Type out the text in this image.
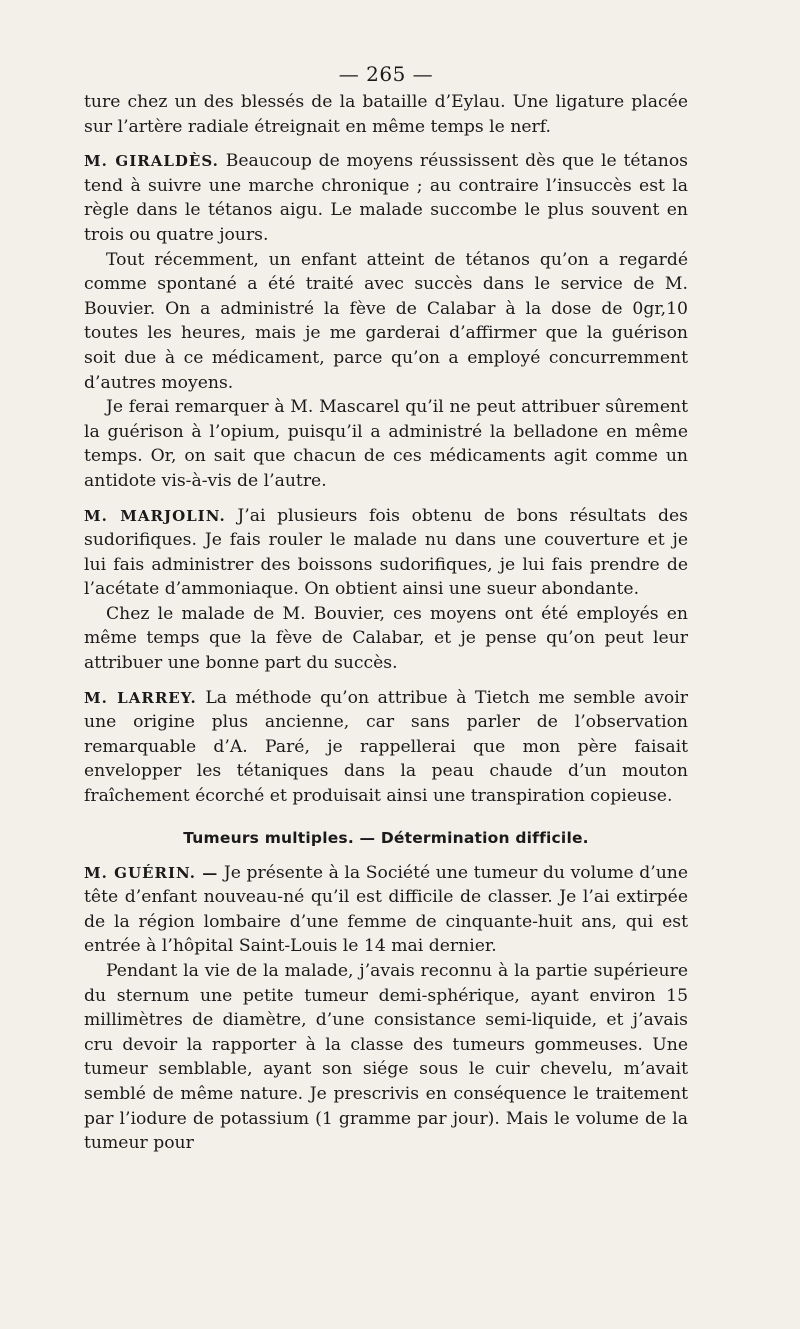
— 265 —

ture chez un des blessés de la bataille d’Eylau. Une ligature placée sur l’artère radiale étreignait en même temps le nerf.

M. GIRALDÈS. Beaucoup de moyens réussissent dès que le tétanos tend à suivre une marche chronique ; au contraire l’insuccès est la règle dans le tétanos aigu. Le malade succombe le plus souvent en trois ou quatre jours.

Tout récemment, un enfant atteint de tétanos qu’on a regardé comme spontané a été traité avec succès dans le service de M. Bouvier. On a administré la fève de Calabar à la dose de 0gr,10 toutes les heures, mais je me garderai d’affirmer que la guérison soit due à ce médicament, parce qu’on a employé concurremment d’autres moyens.

Je ferai remarquer à M. Mascarel qu’il ne peut attribuer sûrement la guérison à l’opium, puisqu’il a administré la belladone en même temps. Or, on sait que chacun de ces médicaments agit comme un antidote vis-à-vis de l’autre.

M. MARJOLIN. J’ai plusieurs fois obtenu de bons résultats des sudorifiques. Je fais rouler le malade nu dans une couverture et je lui fais administrer des boissons sudorifiques, je lui fais prendre de l’acétate d’ammoniaque. On obtient ainsi une sueur abondante.

Chez le malade de M. Bouvier, ces moyens ont été employés en même temps que la fève de Calabar, et je pense qu’on peut leur attribuer une bonne part du succès.

M. LARREY. La méthode qu’on attribue à Tietch me semble avoir une origine plus ancienne, car sans parler de l’observation remarquable d’A. Paré, je rappellerai que mon père faisait envelopper les tétaniques dans la peau chaude d’un mouton fraîchement écorché et produisait ainsi une transpiration copieuse.

Tumeurs multiples. — Détermination difficile.

M. GUÉRIN. — Je présente à la Société une tumeur du volume d’une tête d’enfant nouveau-né qu’il est difficile de classer. Je l’ai extirpée de la région lombaire d’une femme de cinquante-huit ans, qui est entrée à l’hôpital Saint-Louis le 14 mai dernier.

Pendant la vie de la malade, j’avais reconnu à la partie supérieure du sternum une petite tumeur demi-sphérique, ayant environ 15 millimètres de diamètre, d’une consistance semi-liquide, et j’avais cru devoir la rapporter à la classe des tumeurs gommeuses. Une tumeur semblable, ayant son siége sous le cuir chevelu, m’avait semblé de même nature. Je prescrivis en conséquence le traitement par l’iodure de potassium (1 gramme par jour). Mais le volume de la tumeur pour
